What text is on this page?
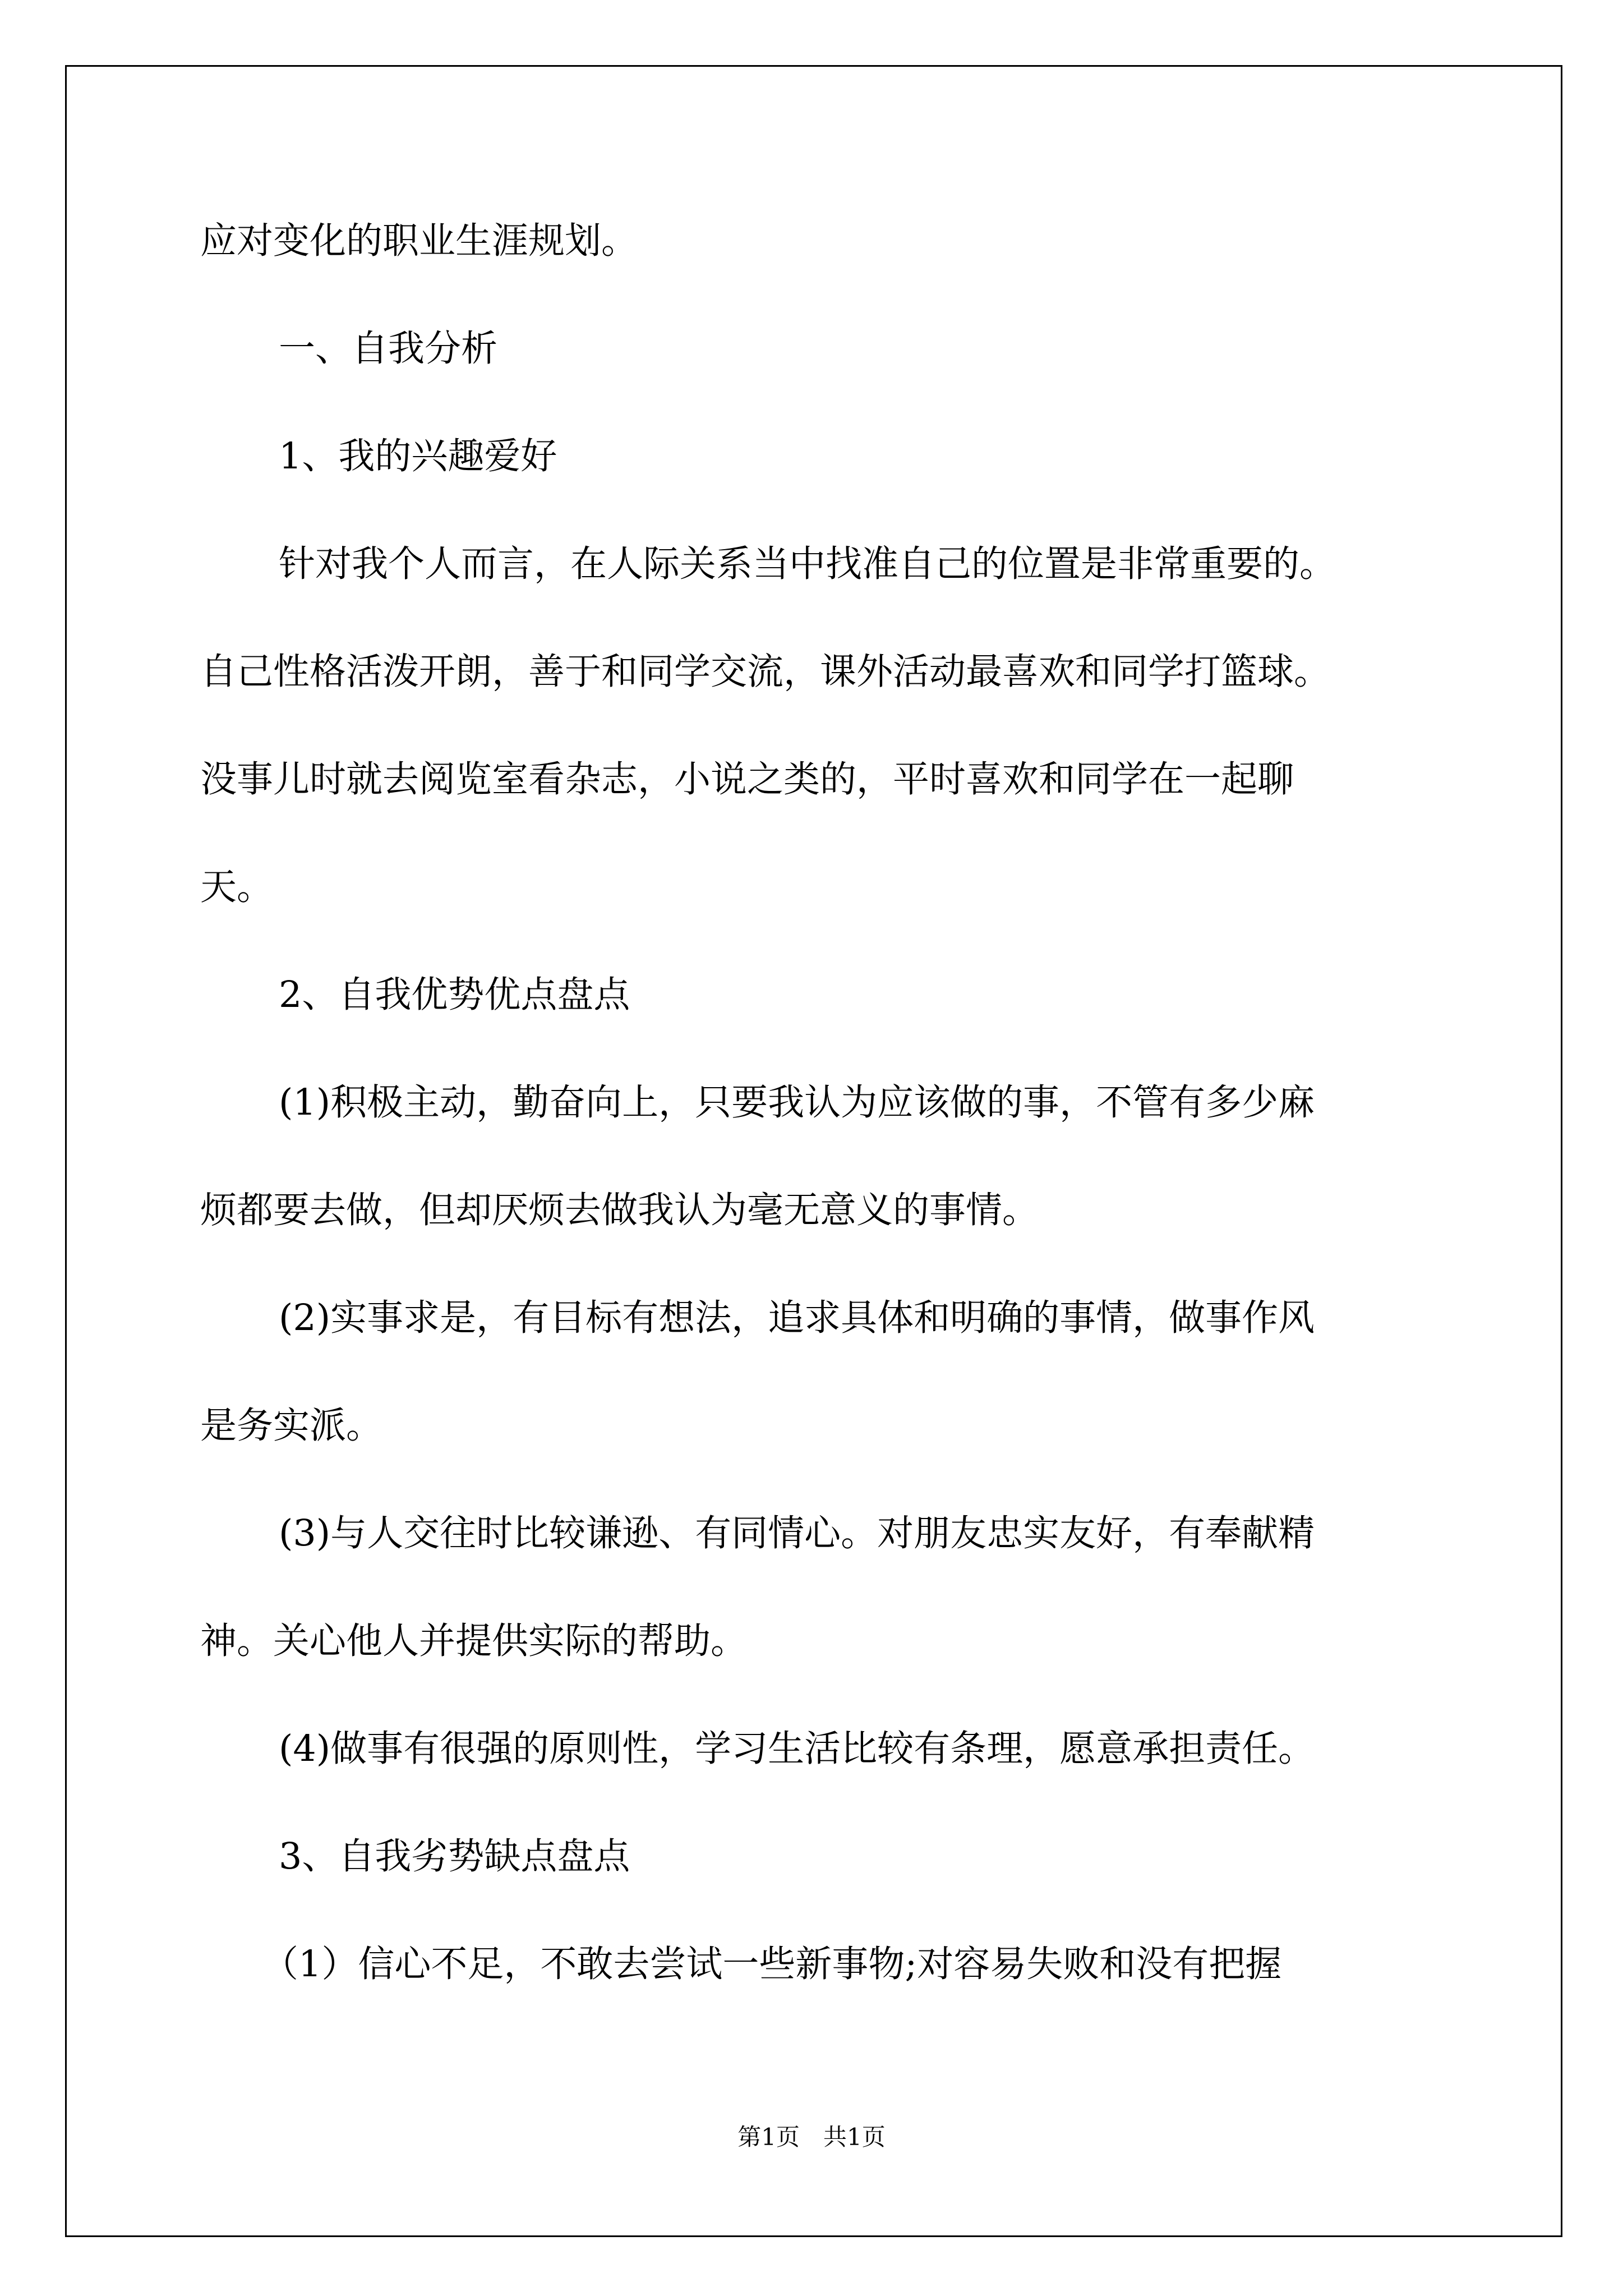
应对变化的职业生涯规划。
一、自我分析
1、我的兴趣爱好
针对我个人而言，在人际关系当中找准自己的位置是非常重要的。
自己性格活泼开朗，善于和同学交流，课外活动最喜欢和同学打篮球。
没事儿时就去阅览室看杂志，小说之类的，平时喜欢和同学在一起聊
天。
2、自我优势优点盘点
(1)积极主动，勤奋向上，只要我认为应该做的事，不管有多少麻
烦都要去做，但却厌烦去做我认为毫无意义的事情。
(2)实事求是，有目标有想法，追求具体和明确的事情，做事作风
是务实派。
(3)与人交往时比较谦逊、有同情心。对朋友忠实友好，有奉献精
神。关心他人并提供实际的帮助。
(4)做事有很强的原则性，学习生活比较有条理，愿意承担责任。
3、自我劣势缺点盘点
（1）信心不足，不敢去尝试一些新事物;对容易失败和没有把握
第1页　共1页
